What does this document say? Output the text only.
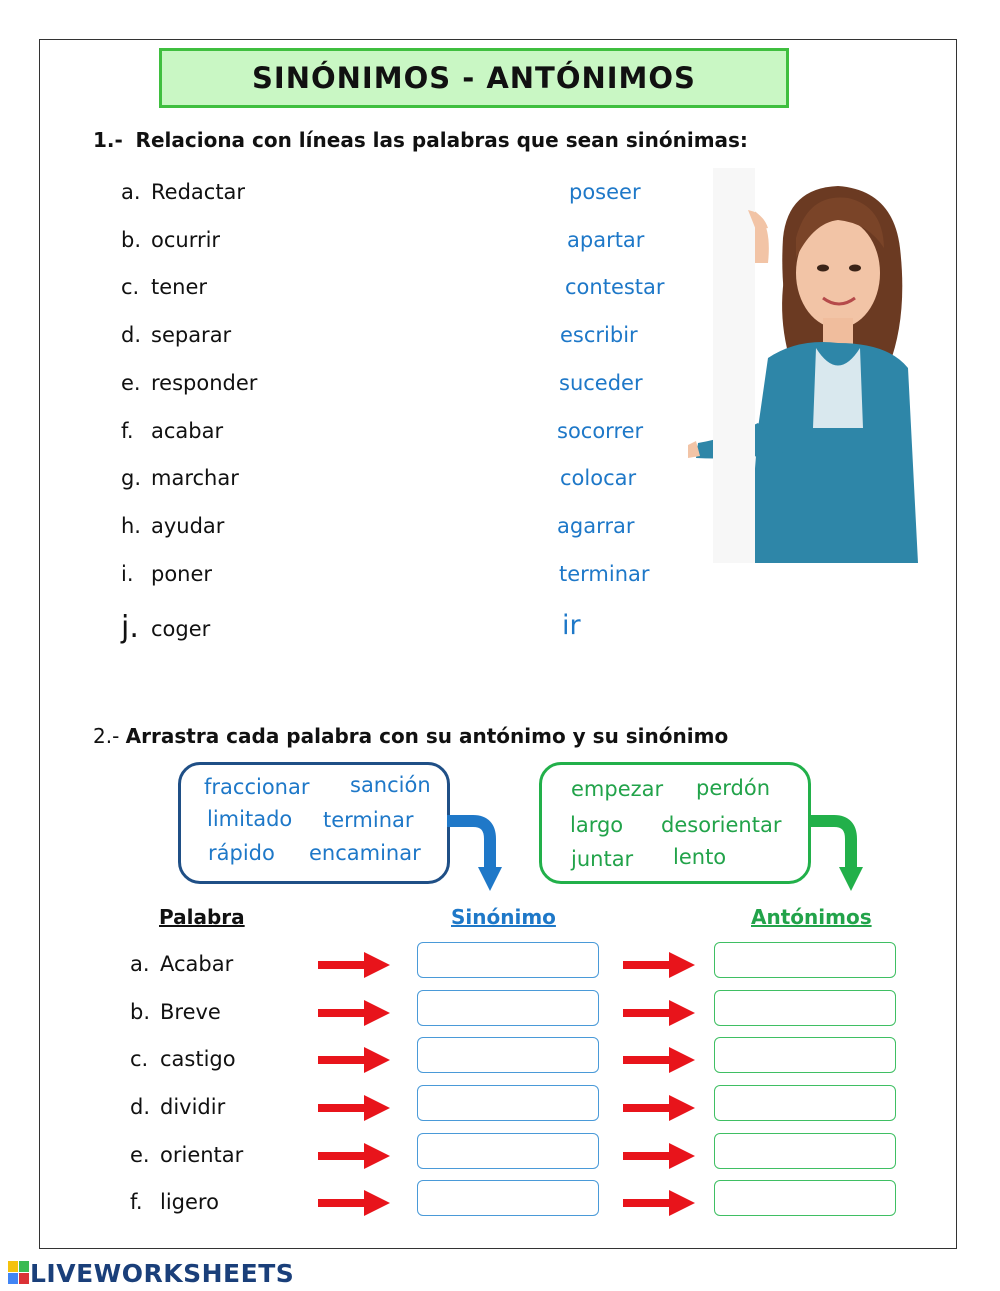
SINÓNIMOS - ANTÓNIMOS
1.- Relaciona con líneas las palabras que sean sinónimas:
a. Redactar
b. ocurrir
c. tener
d. separar
e. responder
f. acabar
g. marchar
h. ayudar
i. poner
j. coger
poseer
apartar
contestar
escribir
suceder
socorrer
colocar
agarrar
terminar
ir
2.- Arrastra cada palabra con su antónimo y su sinónimo
fraccionar sanción
limitado terminar
rápido encaminar
empezar perdón
largo desorientar
juntar lento
Palabra	Sinónimo	Antónimos
a. Acabar
b. Breve
c. castigo
d. dividir
e. orientar
f. ligero
LIVEWORKSHEETS
